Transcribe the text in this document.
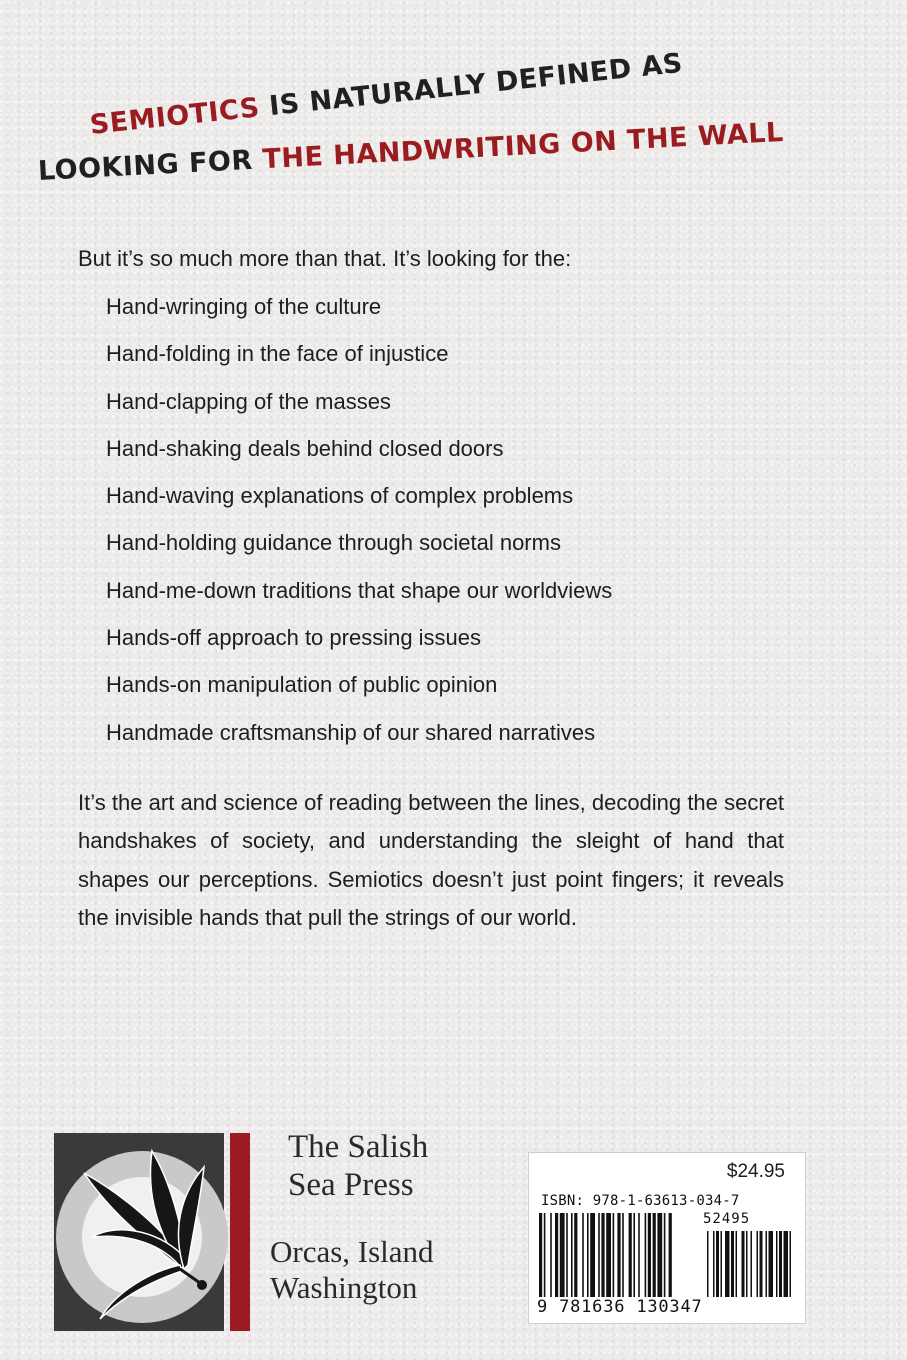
SEMIOTICS IS NATURALLY DEFINED AS
LOOKING FOR THE HANDWRITING ON THE WALL
But it’s so much more than that. It’s looking for the:
Hand-wringing of the culture
Hand-folding in the face of injustice
Hand-clapping of the masses
Hand-shaking deals behind closed doors
Hand-waving explanations of complex problems
Hand-holding guidance through societal norms
Hand-me-down traditions that shape our worldviews
Hands-off approach to pressing issues
Hands-on manipulation of public opinion
Handmade craftsmanship of our shared narratives

It’s the art and science of reading between the lines, decoding the secret handshakes of society, and understanding the sleight of hand that shapes our perceptions. Semiotics doesn’t just point fingers; it reveals the invisible hands that pull the strings of our world.

The Salish
Sea Press
Orcas, Island
Washington
$24.95
ISBN: 978-1-63613-034-7
52495
9 781636 130347
